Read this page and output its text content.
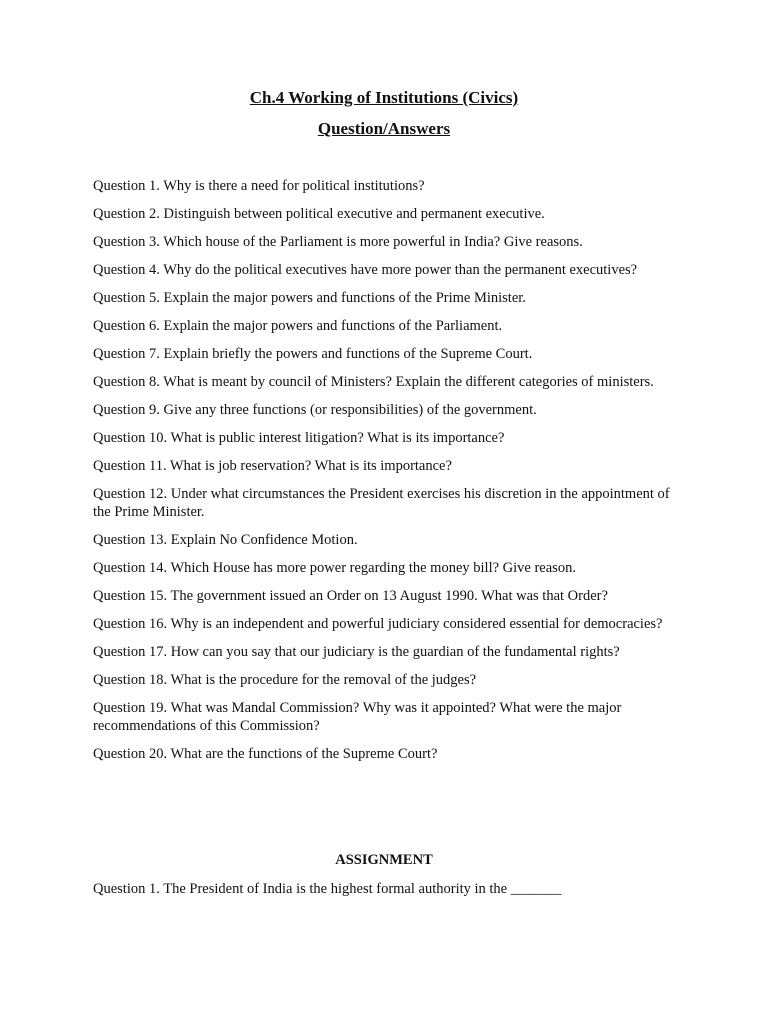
Ch.4 Working of Institutions (Civics)
Question/Answers
Question 1. Why is there a need for political institutions?
Question 2. Distinguish between political executive and permanent executive.
Question 3. Which house of the Parliament is more powerful in India? Give reasons.
Question 4. Why do the political executives have more power than the permanent executives?
Question 5. Explain the major powers and functions of the Prime Minister.
Question 6. Explain the major powers and functions of the Parliament.
Question 7. Explain briefly the powers and functions of the Supreme Court.
Question 8. What is meant by council of Ministers? Explain the different categories of ministers.
Question 9. Give any three functions (or responsibilities) of the government.
Question 10. What is public interest litigation? What is its importance?
Question 11. What is job reservation? What is its importance?
Question 12. Under what circumstances the President exercises his discretion in the appointment of the Prime Minister.
Question 13. Explain No Confidence Motion.
Question 14. Which House has more power regarding the money bill? Give reason.
Question 15. The government issued an Order on 13 August 1990. What was that Order?
Question 16. Why is an independent and powerful judiciary considered essential for democracies?
Question 17. How can you say that our judiciary is the guardian of the fundamental rights?
Question 18. What is the procedure for the removal of the judges?
Question 19. What was Mandal Commission? Why was it appointed? What were the major recommendations of this Commission?
Question 20. What are the functions of the Supreme Court?
ASSIGNMENT

Question 1. The President of India is the highest formal authority in the _______
